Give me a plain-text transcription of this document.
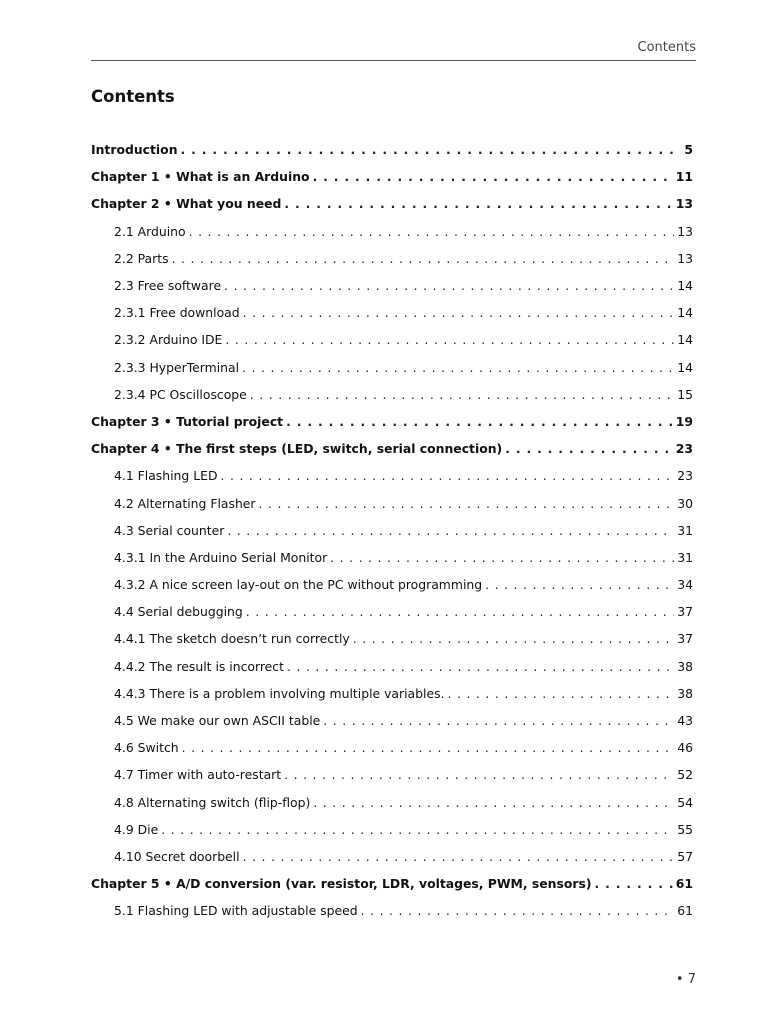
Contents
Contents
Introduction . . .	5
Chapter 1 • What is an Arduino . . .	11
Chapter 2 • What you need . . .	13
2.1 Arduino . . .	13
2.2 Parts . . .	13
2.3 Free software . . .	14
2.3.1 Free download . . .	14
2.3.2 Arduino IDE . . .	14
2.3.3 HyperTerminal . . .	14
2.3.4 PC Oscilloscope . . .	15
Chapter 3 • Tutorial project . . .	19
Chapter 4 • The first steps (LED, switch, serial connection) . . .	23
4.1 Flashing LED . . .	23
4.2 Alternating Flasher . . .	30
4.3 Serial counter . . .	31
4.3.1 In the Arduino Serial Monitor . . .	31
4.3.2 A nice screen lay-out on the PC without programming . . .	34
4.4 Serial debugging . . .	37
4.4.1 The sketch doesn’t run correctly . . .	37
4.4.2 The result is incorrect . . .	38
4.4.3 There is a problem involving multiple variables. . . .	38
4.5 We make our own ASCII table . . .	43
4.6 Switch . . .	46
4.7 Timer with auto-restart . . .	52
4.8 Alternating switch (flip-flop) . . .	54
4.9 Die . . .	55
4.10 Secret doorbell . . .	57
Chapter 5 • A/D conversion (var. resistor, LDR, voltages, PWM, sensors) . . .	61
5.1 Flashing LED with adjustable speed . . .	61
• 7
